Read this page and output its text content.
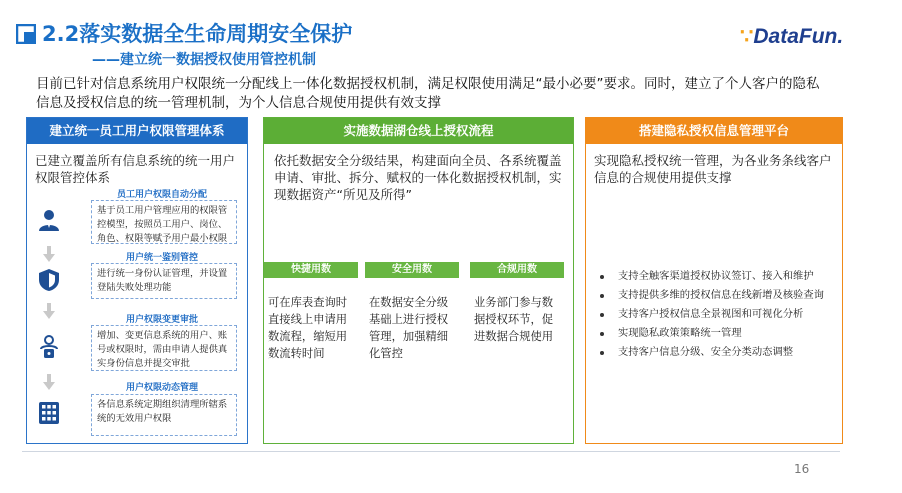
2.2落实数据全生命周期安全保护
——建立统一数据授权使用管控机制
∵DataFun.
目前已针对信息系统用户权限统一分配线上一体化数据授权机制，满足权限使用满足“最小必要”要求。同时，建立了个人客户的隐私信息及授权信息的统一管理机制，为个人信息合规使用提供有效支撑
建立统一员工用户权限管理体系
已建立覆盖所有信息系统的统一用户权限管控体系
员工用户权限自动分配
基于员工用户管理应用的权限管控模型，按照员工用户、岗位、角色、权限等赋予用户最小权限
用户统一鉴别管控
进行统一身份认证管理，并设置登陆失败处理功能
用户权限变更审批
增加、变更信息系统的用户、账号或权限时，需由申请人提供真实身份信息并提交审批
用户权限动态管理
各信息系统定期组织清理所辖系统的无效用户权限
实施数据湖仓线上授权流程
依托数据安全分级结果，构建面向全员、各系统覆盖申请、审批、拆分、赋权的一体化数据授权机制，实现数据资产“所见及所得”
快捷用数
可在库表查询时直接线上申请用数流程，缩短用数流转时间
安全用数
在数据安全分级基础上进行授权管理，加强精细化管控
合规用数
业务部门参与数据授权环节，促进数据合规使用
搭建隐私授权信息管理平台
实现隐私授权统一管理，为各业务条线客户信息的合规使用提供支撑
支持全触客渠道授权协议签订、接入和维护
支持提供多维的授权信息在线新增及核验查询
支持客户授权信息全景视图和可视化分析
实现隐私政策策略统一管理
支持客户信息分级、安全分类动态调整
16
